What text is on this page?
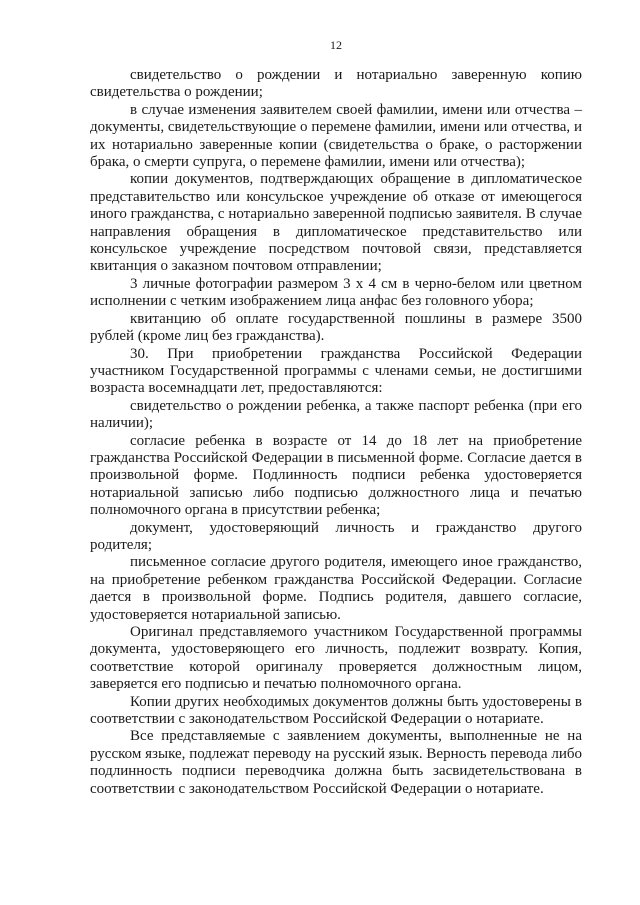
12

свидетельство о рождении и нотариально заверенную копию свидетельства о рождении;

в случае изменения заявителем своей фамилии, имени или отчества – документы, свидетельствующие о перемене фамилии, имени или отчества, и их нотариально заверенные копии (свидетельства о браке, о расторжении брака, о смерти супруга, о перемене фамилии, имени или отчества);

копии документов, подтверждающих обращение в дипломатическое представительство или консульское учреждение об отказе от имеющегося иного гражданства, с нотариально заверенной подписью заявителя. В случае направления обращения в дипломатическое представительство или консульское учреждение посредством почтовой связи, представляется квитанция о заказном почтовом отправлении;

3 личные фотографии размером 3 х 4 см в черно-белом или цветном исполнении с четким изображением лица анфас без головного убора;

квитанцию об оплате государственной пошлины в размере 3500 рублей (кроме лиц без гражданства).

30. При приобретении гражданства Российской Федерации участником Государственной программы с членами семьи, не достигшими возраста восемнадцати лет, предоставляются:

свидетельство о рождении ребенка, а также паспорт ребенка (при его наличии);

согласие ребенка в возрасте от 14 до 18 лет на приобретение гражданства Российской Федерации в письменной форме. Согласие дается в произвольной форме. Подлинность подписи ребенка удостоверяется нотариальной записью либо подписью должностного лица и печатью полномочного органа в присутствии ребенка;

документ, удостоверяющий личность и гражданство другого родителя;

письменное согласие другого родителя, имеющего иное гражданство, на приобретение ребенком гражданства Российской Федерации. Согласие дается в произвольной форме. Подпись родителя, давшего согласие, удостоверяется нотариальной записью.

Оригинал представляемого участником Государственной программы документа, удостоверяющего его личность, подлежит возврату. Копия, соответствие которой оригиналу проверяется должностным лицом, заверяется его подписью и печатью полномочного органа.

Копии других необходимых документов должны быть удостоверены в соответствии с законодательством Российской Федерации о нотариате.

Все представляемые с заявлением документы, выполненные не на русском языке, подлежат переводу на русский язык. Верность перевода либо подлинность подписи переводчика должна быть засвидетельствована в соответствии с законодательством Российской Федерации о нотариате.
